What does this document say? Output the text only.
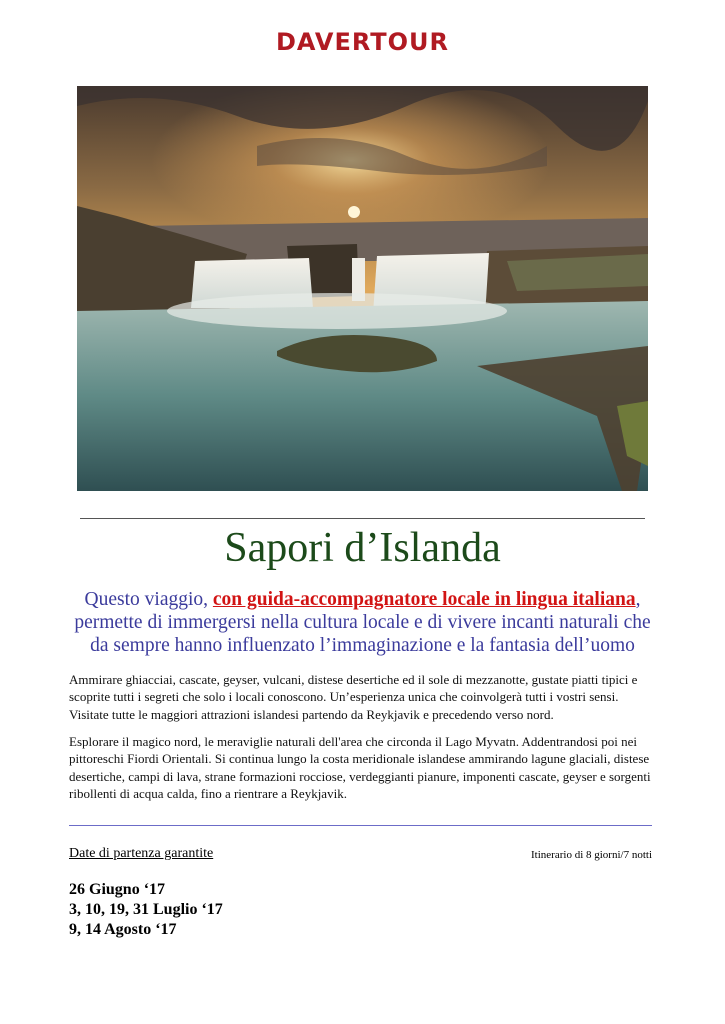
DAVERTOUR
Sapori d’Islanda
Questo viaggio, con guida-accompagnatore locale in lingua italiana, permette di immergersi nella cultura locale e di vivere incanti naturali che da sempre hanno influenzato l’immaginazione e la fantasia dell’uomo
Ammirare ghiacciai, cascate, geyser, vulcani, distese desertiche ed il sole di mezzanotte, gustate piatti tipici e scoprite tutti i segreti che solo i locali conoscono. Un’esperienza unica che coinvolgerà tutti i vostri sensi. Visitate tutte le maggiori attrazioni islandesi partendo da Reykjavik e precedendo verso nord.
Esplorare il magico nord, le meraviglie naturali dell'area che circonda il Lago Myvatn. Addentrandosi poi nei pittoreschi Fiordi Orientali. Si continua lungo la costa meridionale islandese ammirando lagune glaciali, distese desertiche, campi di lava, strane formazioni rocciose, verdeggianti pianure, imponenti cascate, geyser e sorgenti ribollenti di acqua calda, fino a rientrare a Reykjavik.
Date di partenza garantite	Itinerario di 8 giorni/7 notti
26 Giugno ‘17
3, 10, 19, 31 Luglio ‘17
9, 14 Agosto ‘17
